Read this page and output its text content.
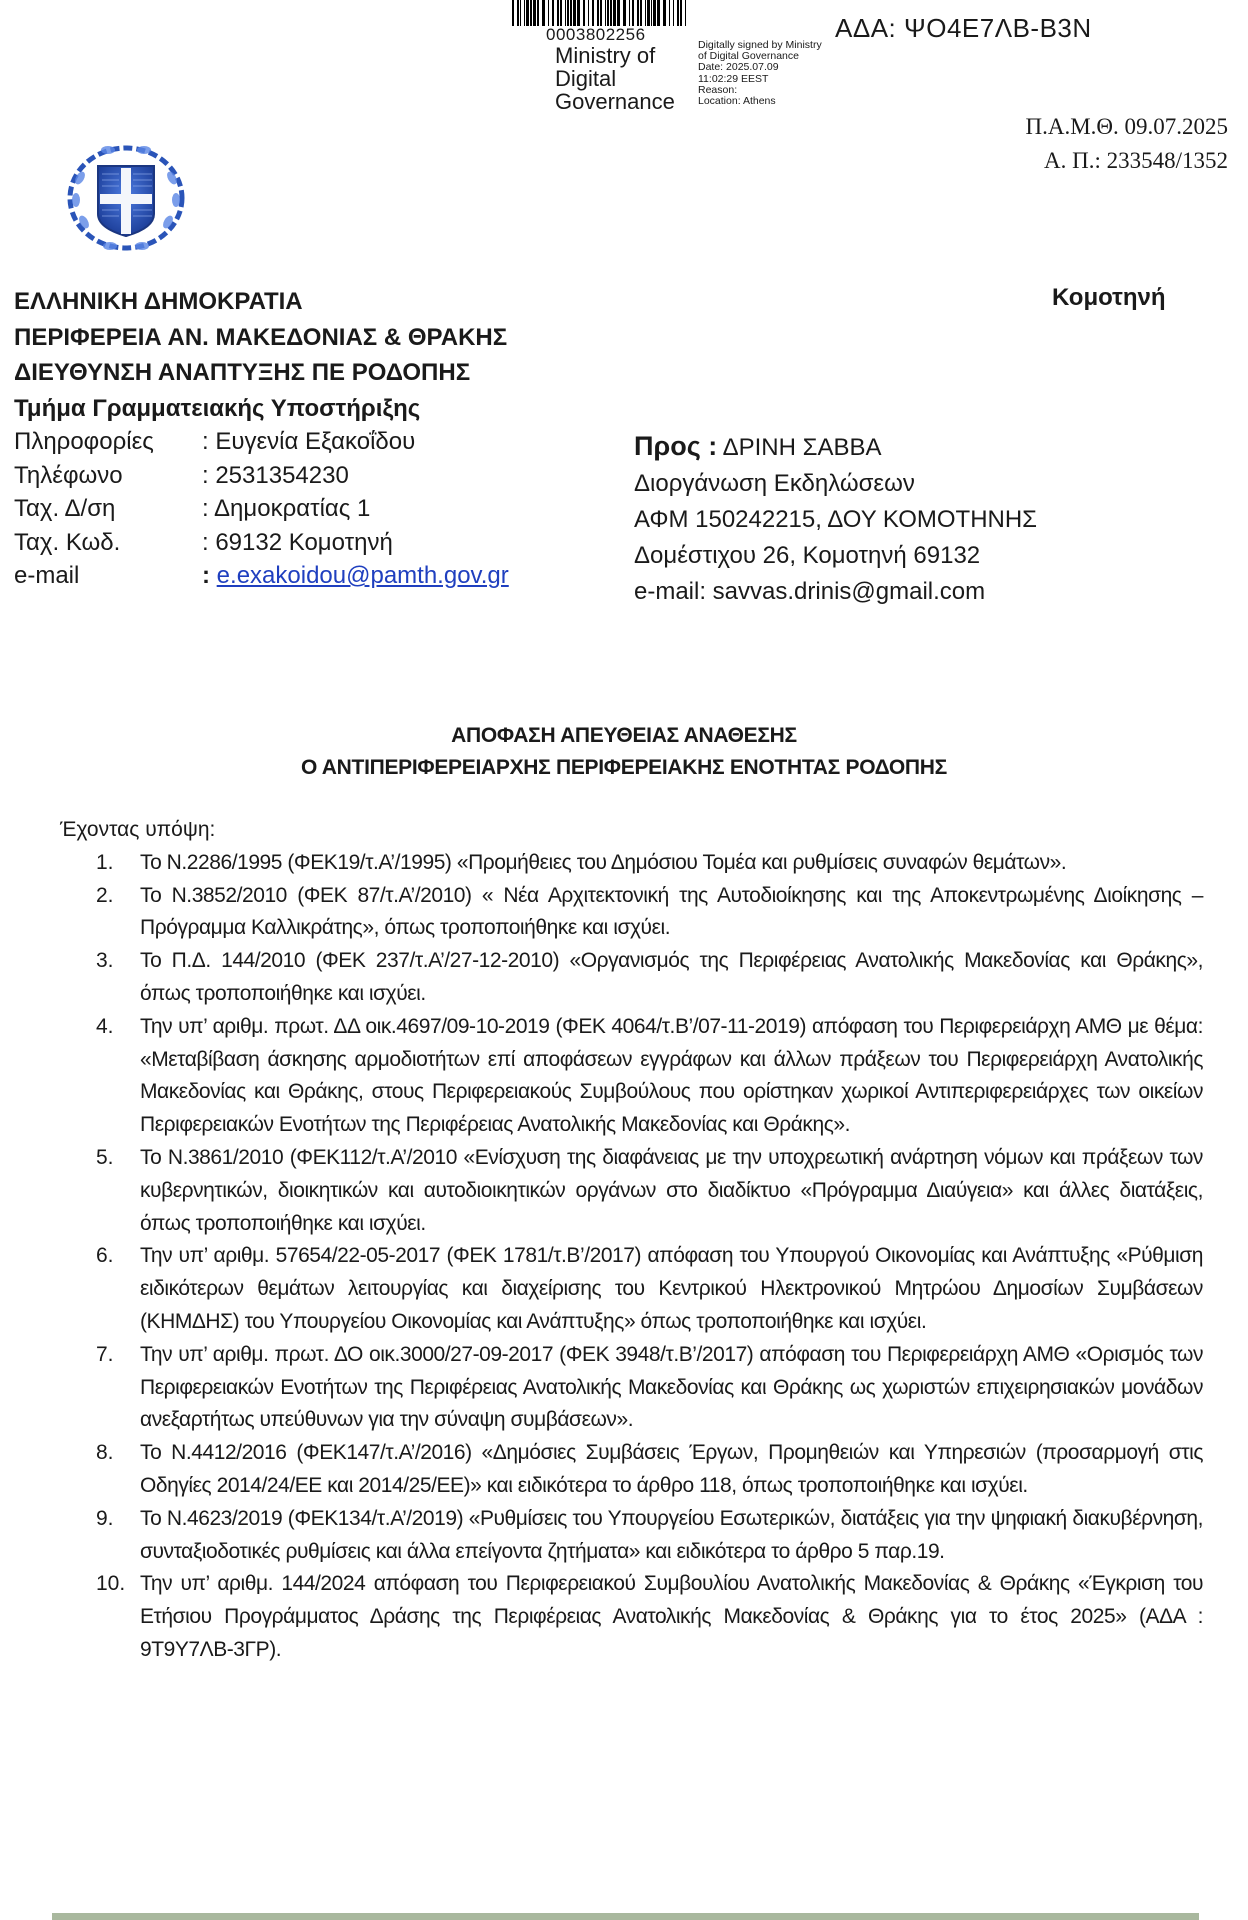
0003802256
Ministry of
Digital
Governance
Digitally signed by Ministry
of Digital Governance
Date: 2025.07.09
11:02:29 EEST
Reason:
Location: Athens
ΑΔΑ: ΨΟ4Ε7ΛΒ-Β3Ν
Π.Α.Μ.Θ. 09.07.2025
Α. Π.: 233548/1352
ΕΛΛΗΝΙΚΗ ΔΗΜΟΚΡΑΤΙΑ
ΠΕΡΙΦΕΡΕΙΑ ΑΝ. ΜΑΚΕΔΟΝΙΑΣ & ΘΡΑΚΗΣ
ΔΙΕΥΘΥΝΣΗ ΑΝΑΠΤΥΞΗΣ ΠΕ ΡΟΔΟΠΗΣ
Τμήμα Γραμματειακής Υποστήριξης
Πληροφορίες	: Ευγενία Εξακοΐδου
Τηλέφωνο	: 2531354230
Ταχ. Δ/ση	: Δημοκρατίας 1
Ταχ. Κωδ.	: 69132 Κομοτηνή
e-mail	: e.exakoidou@pamth.gov.gr
Κομοτηνή
Προς : ΔΡΙΝΗ ΣΑΒΒΑ
Διοργάνωση Εκδηλώσεων
ΑΦΜ 150242215, ΔΟΥ ΚΟΜΟΤΗΝΗΣ
Δομέστιχου 26, Κομοτηνή 69132
e-mail: savvas.drinis@gmail.com
ΑΠΟΦΑΣΗ ΑΠΕΥΘΕΙΑΣ ΑΝΑΘΕΣΗΣ
Ο ΑΝΤΙΠΕΡΙΦΕΡΕΙΑΡΧΗΣ ΠΕΡΙΦΕΡΕΙΑΚΗΣ ΕΝΟΤΗΤΑΣ ΡΟΔΟΠΗΣ
Έχοντας υπόψη:
1.	Το Ν.2286/1995 (ΦΕΚ19/τ.Α’/1995) «Προμήθειες του Δημόσιου Τομέα και ρυθμίσεις συναφών θεμάτων».
2.	Το Ν.3852/2010 (ΦΕΚ 87/τ.Α’/2010) « Νέα Αρχιτεκτονική της Αυτοδιοίκησης και της Αποκεντρωμένης Διοίκησης – Πρόγραμμα Καλλικράτης», όπως τροποποιήθηκε και ισχύει.
3.	Το Π.Δ. 144/2010 (ΦΕΚ 237/τ.Α’/27-12-2010) «Οργανισμός της Περιφέρειας Ανατολικής Μακεδονίας και Θράκης», όπως τροποποιήθηκε και ισχύει.
4.	Την υπ’ αριθμ. πρωτ. ΔΔ οικ.4697/09-10-2019 (ΦΕΚ 4064/τ.Β’/07-11-2019) απόφαση του Περιφερειάρχη ΑΜΘ με θέμα: «Μεταβίβαση άσκησης αρμοδιοτήτων επί αποφάσεων εγγράφων και άλλων πράξεων του Περιφερειάρχη Ανατολικής Μακεδονίας και Θράκης, στους Περιφερειακούς Συμβούλους που ορίστηκαν χωρικοί Αντιπεριφερειάρχες των οικείων Περιφερειακών Ενοτήτων της Περιφέρειας Ανατολικής Μακεδονίας και Θράκης».
5.	Το Ν.3861/2010 (ΦΕΚ112/τ.Α’/2010 «Ενίσχυση της διαφάνειας με την υποχρεωτική ανάρτηση νόμων και πράξεων των κυβερνητικών, διοικητικών και αυτοδιοικητικών οργάνων στο διαδίκτυο «Πρόγραμμα Διαύγεια» και άλλες διατάξεις, όπως τροποποιήθηκε και ισχύει.
6.	Την υπ’ αριθμ. 57654/22-05-2017 (ΦΕΚ 1781/τ.Β’/2017) απόφαση του Υπουργού Οικονομίας και Ανάπτυξης «Ρύθμιση ειδικότερων θεμάτων λειτουργίας και διαχείρισης του Κεντρικού Ηλεκτρονικού Μητρώου Δημοσίων Συμβάσεων (ΚΗΜΔΗΣ) του Υπουργείου Οικονομίας και Ανάπτυξης» όπως τροποποιήθηκε και ισχύει.
7.	Την υπ’ αριθμ. πρωτ. ΔΟ οικ.3000/27-09-2017 (ΦΕΚ 3948/τ.Β’/2017) απόφαση του Περιφερειάρχη ΑΜΘ «Ορισμός των Περιφερειακών Ενοτήτων της Περιφέρειας Ανατολικής Μακεδονίας και Θράκης ως χωριστών επιχειρησιακών μονάδων ανεξαρτήτως υπεύθυνων για την σύναψη συμβάσεων».
8.	Το Ν.4412/2016 (ΦΕΚ147/τ.Α’/2016) «Δημόσιες Συμβάσεις Έργων, Προμηθειών και Υπηρεσιών (προσαρμογή στις Οδηγίες 2014/24/ΕΕ και 2014/25/ΕΕ)» και ειδικότερα το άρθρο 118, όπως τροποποιήθηκε και ισχύει.
9.	Το Ν.4623/2019 (ΦΕΚ134/τ.Α’/2019) «Ρυθμίσεις του Υπουργείου Εσωτερικών, διατάξεις για την ψηφιακή διακυβέρνηση, συνταξιοδοτικές ρυθμίσεις και άλλα επείγοντα ζητήματα» και ειδικότερα το άρθρο 5 παρ.19.
10. Την υπ’ αριθμ. 144/2024 απόφαση του Περιφερειακού Συμβουλίου Ανατολικής Μακεδονίας & Θράκης «Έγκριση του Ετήσιου Προγράμματος Δράσης της Περιφέρειας Ανατολικής Μακεδονίας & Θράκης για το έτος 2025» (ΑΔΑ : 9Τ9Υ7ΛΒ-3ΓΡ).
